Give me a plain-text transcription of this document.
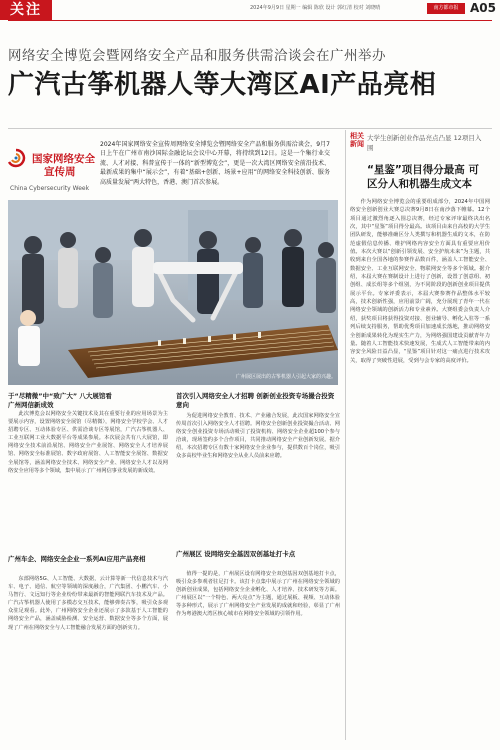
关注	2024年9月9日 星期一 编辑 陈欣 设计 郭红清 校对 刘晓晴	南方都市报 A05
网络安全博览会暨网络安全产品和服务供需洽谈会在广州举办
广汽古筝机器人等大湾区AI产品亮相
国家网络安全
宣传周
China Cybersecurity Week
2024年国家网络安全宣传周网络安全博览会暨网络安全产品和服务供需洽谈会，9月7日上午在广州市南沙国际金融论坛会议中心开幕，将持续到12日。这是一个集行业交流、人才对接、科普宣传于一体的“新型博览会”，更是一次大湾区网络安全前沿技术、最新成果的集中“展示会”，有着“基础+创新、场景+应用”的网络安全科技创新、服务高质量发展“两大特色，香港、澳门首次参展。
广州展区展出的古筝机器人引起大家的兴趣。
于“尽精微”中“致广大” 八大展馆看广州网信新成效

此次博览会以网络安全关键技术及其在重要行业的应用场景为主要展示内容，设置网络安全展馆（尽精微），网络安全学校学会、人才招聘专区、互动体验专区、供需洽谈专区等展馆，广汽古筝机器人、工业互联网工业大数据平台等成果参展。本次展会共有八大展馆，即网络安全技术前沿展馆、网络安全产业展馆、网络安全人才培养展馆、网络安全标准展馆、数字政府展馆、人工智能安全展馆、数据安全展馆等，涵盖网络安全技术、网络安全产业、网络安全人才以及网络安全应用等多个领域，集中展示了广州网信事业发展的新成效。

广州车企、网络安全企业一系列AI应用产品亮相

东部网络5G、人工智能、大数据，云计算等新一代信息技术与汽车、电子、通信、航空等领域的深度融合，广汽集团、小鹏汽车、小马智行、文远知行等企业纷纷带来最新的智能网联汽车技术及产品。广汽古筝机器人使用了多模态交互技术，能够弹奏古筝，吸引众多观众驻足观看。此外，广州网络安全企业还展示了多款基于人工智能的网络安全产品，涵盖威胁检测、安全运营、数据安全等多个方面，展现了广州在网络安全与人工智能融合发展方面的创新实力。

首次引入网络安全人才招聘 创新创业投资专场撮合投资意向

为促进网络安全教育、技术、产业融合发展，此次国家网络安全宣传周首次引入网络安全人才招聘。网络安全创新创业投资撮合活动、网络安全创业投资专场活动吸引了投资机构、网络安全企业超100个参与洽谈，现场签约多个合作项目，共同推动网络安全产业创新发展。据介绍，本次招聘专区有数十家网络安全企业参与，提供数百个岗位，吸引众多高校毕业生和网络安全从业人员前来应聘。

广州展区 设网络安全基因双创基址打卡点

值得一提的是，广州展区设有网络安全双创基因双创基地打卡点，吸引众多参观者驻足打卡。该打卡点集中展示了广州在网络安全领域的创新创业成果，包括网络安全企业孵化、人才培养、技术研发等方面。广州展区以“一个特色、两大亮点”为主题，通过展板、视频、互动体验等多种形式，展示了广州网络安全产业发展的成就和经验，彰显了广州作为粤港澳大湾区核心城市在网络安全领域的引领作用。

相关新闻
大学生创新创业作品亮点凸显 12项目入围
“星鉴”项目得分最高 可区分人和机器生成文本

作为网络安全博览会的重要组成部分，2024年中国网络安全创新创业大赛总决赛9月8日在南沙落下帷幕。12个项目通过激烈角逐入围总决赛，经过专家评审最终决出名次，其中“星鉴”项目得分最高。该项目由来自高校的大学生团队研发，能够准确区分人类撰写和机器生成的文本，在防范虚假信息传播、维护网络内容安全方面具有重要应用价值。本次大赛以“创新引领发展、安全护航未来”为主题，共收到来自全国各地的参赛作品数百件，涵盖人工智能安全、数据安全、工业互联网安全、物联网安全等多个领域。据介绍，本届大赛在赛制设计上进行了创新，设置了创意组、初创组、成长组等多个组别，为不同阶段的创新创业项目提供展示平台。专家评委表示，本届大赛参赛作品整体水平较高，技术创新性强，应用前景广阔，充分展现了青年一代在网络安全领域的创新活力和专业素养。大赛组委会负责人介绍，获奖项目将获得投资对接、创业辅导、孵化入驻等一系列后续支持服务，帮助优秀项目加速成长落地，推动网络安全创新成果转化为现实生产力，为网络强国建设贡献青年力量。随着人工智能技术快速发展，生成式人工智能带来的内容安全风险日益凸显，“星鉴”项目针对这一痛点进行技术攻关，取得了突破性进展，受到与会专家的高度评价。
